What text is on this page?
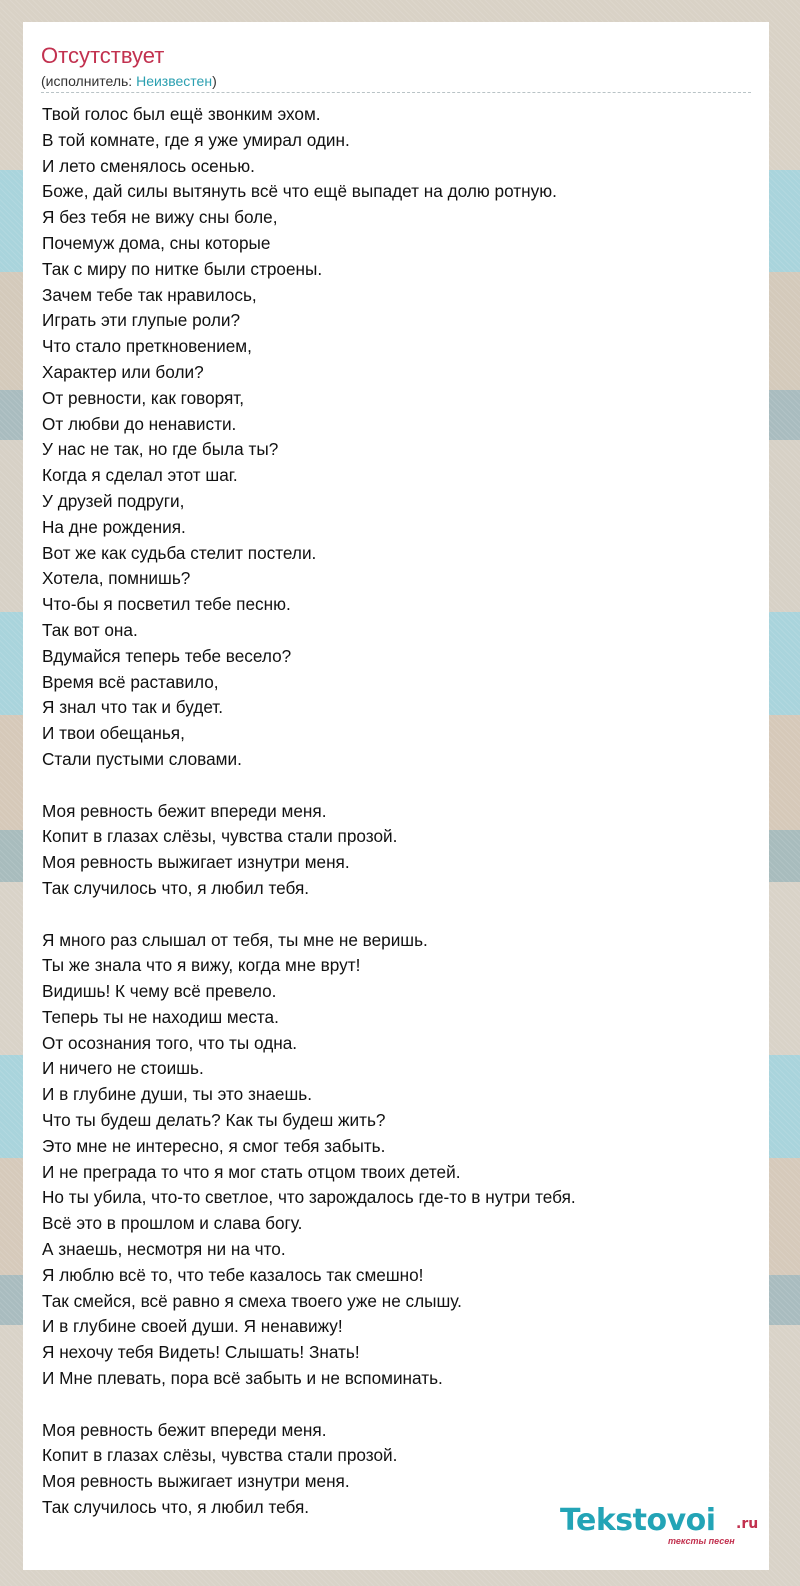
Отсутствует
(исполнитель: Неизвестен)
Твой голос был ещё звонким эхом.
В той комнате, где я уже умирал один.
И лето сменялось осенью.
Боже, дай силы вытянуть всё что ещё выпадет на долю ротную.
Я без тебя не вижу сны боле,
Почемуж дома, сны которые
Так с миру по нитке были строены.
Зачем тебе так нравилось,
Играть эти глупые роли?
Что стало преткновением,
Характер или боли?
От ревности, как говорят,
От любви до ненависти.
У нас не так, но где была ты?
Когда я сделал этот шаг.
У друзей подруги,
На дне рождения.
Вот же как судьба стелит постели.
Хотела, помнишь?
Что-бы я посветил тебе песню.
Так вот она.
Вдумайся теперь тебе весело?
Время всё раставило,
Я знал что так и будет.
И твои обещанья,
Стали пустыми словами.
Моя ревность бежит впереди меня.
Копит в глазах слёзы, чувства стали прозой.
Моя ревность выжигает изнутри меня.
Так случилось что, я любил тебя.
Я много раз слышал от тебя, ты мне не веришь.
Ты же знала что я вижу, когда мне врут!
Видишь! К чему всё превело.
Теперь ты не находиш места.
От осознания того, что ты одна.
И ничего не стоишь.
И в глубине души, ты это знаешь.
Что ты будеш делать? Как ты будеш жить?
Это мне не интересно, я смог тебя забыть.
И не преграда то что я мог стать отцом твоих детей.
Но ты убила, что-то светлое, что зарождалось где-то в нутри тебя.
Всё это в прошлом и слава богу.
А знаешь, несмотря ни на что.
Я люблю всё то, что тебе казалось так смешно!
Так смейся, всё равно я смеха твоего уже не слышу.
И в глубине своей души. Я ненавижу!
Я нехочу тебя Видеть! Слышать! Знать!
И Мне плевать, пора всё забыть и не вспоминать.
Моя ревность бежит впереди меня.
Копит в глазах слёзы, чувства стали прозой.
Моя ревность выжигает изнутри меня.
Так случилось что, я любил тебя.	Tekstovoi .ru
тексты песен
